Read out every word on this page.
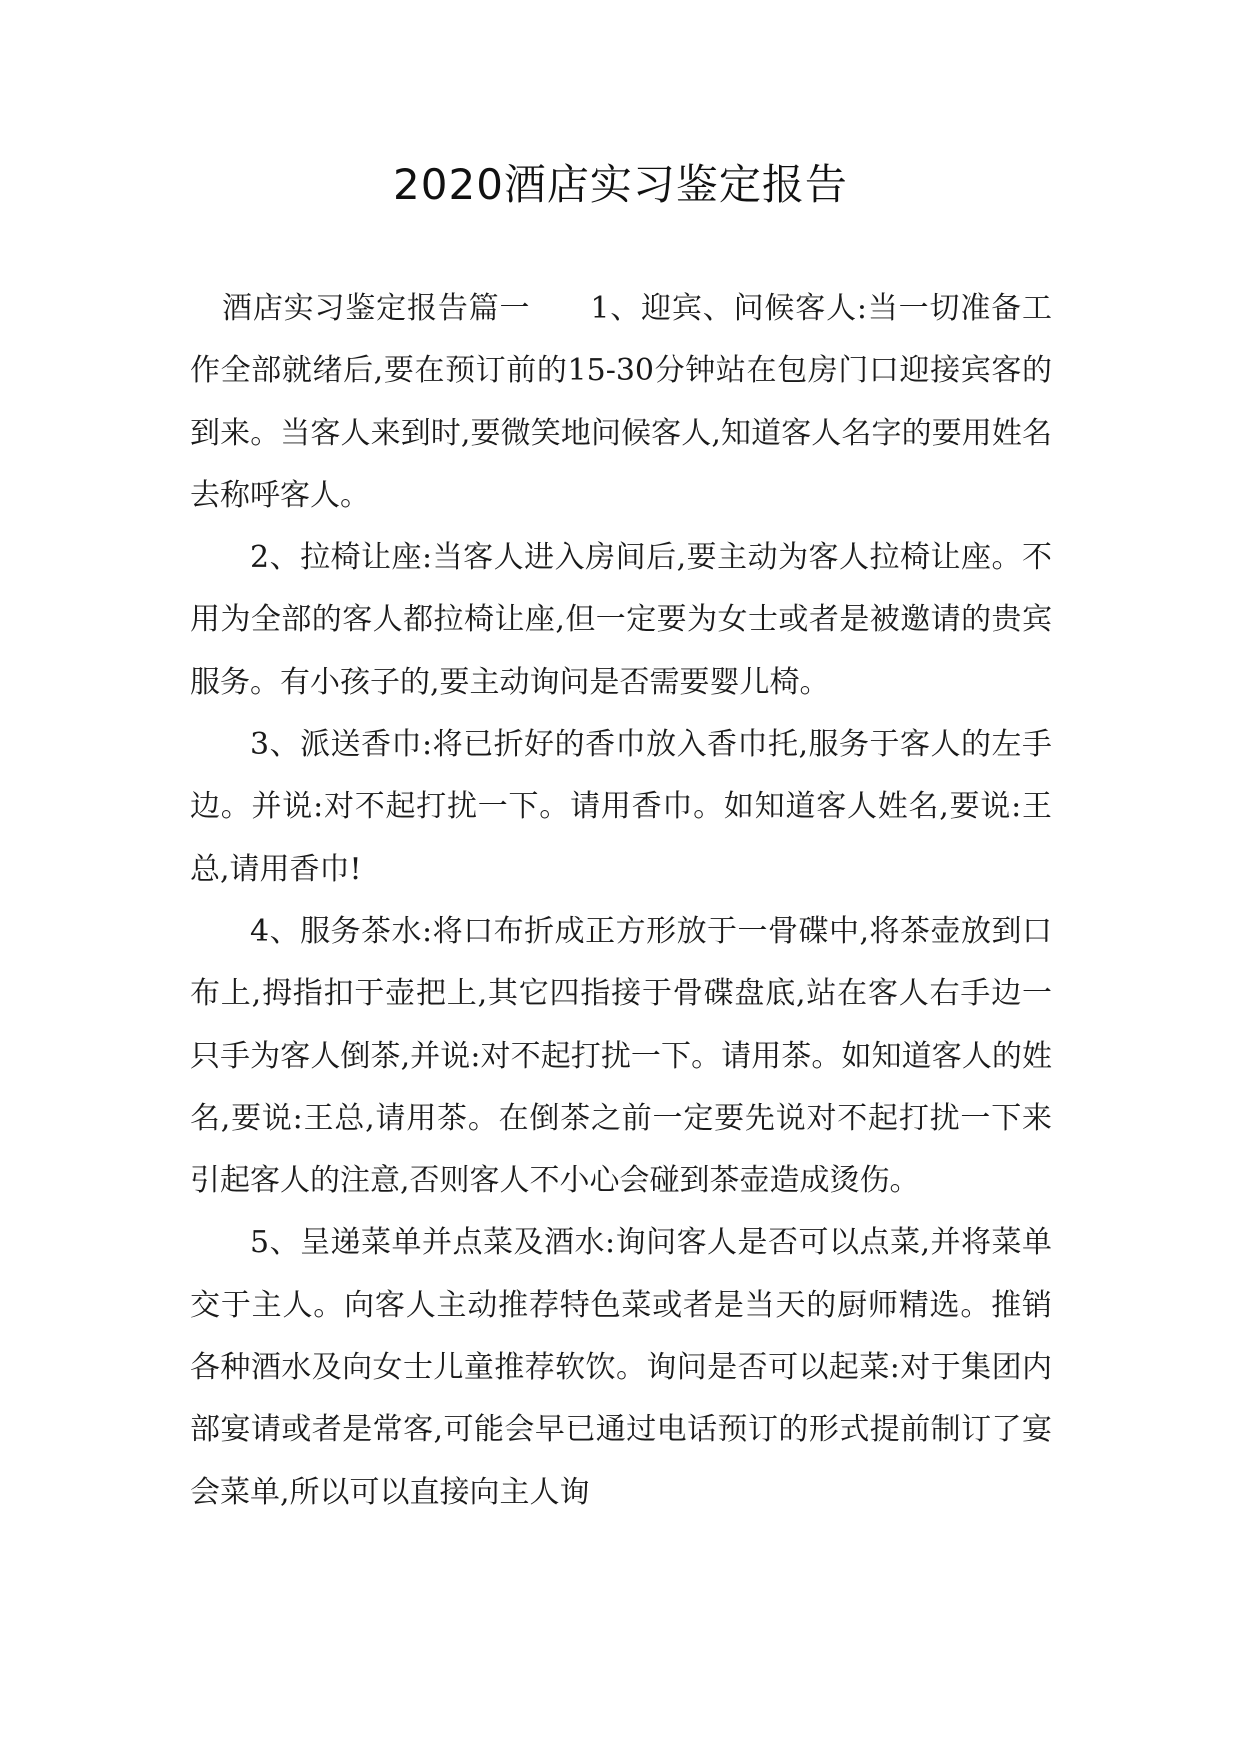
2020酒店实习鉴定报告

酒店实习鉴定报告篇一 1、迎宾、问候客人:当一切准备工作全部就绪后,要在预订前的15-30分钟站在包房门口迎接宾客的到来。当客人来到时,要微笑地问候客人,知道客人名字的要用姓名去称呼客人。

2、拉椅让座:当客人进入房间后,要主动为客人拉椅让座。不用为全部的客人都拉椅让座,但一定要为女士或者是被邀请的贵宾服务。有小孩子的,要主动询问是否需要婴儿椅。

3、派送香巾:将已折好的香巾放入香巾托,服务于客人的左手边。并说:对不起打扰一下。请用香巾。如知道客人姓名,要说:王总,请用香巾!

4、服务茶水:将口布折成正方形放于一骨碟中,将茶壶放到口布上,拇指扣于壶把上,其它四指接于骨碟盘底,站在客人右手边一只手为客人倒茶,并说:对不起打扰一下。请用茶。如知道客人的姓名,要说:王总,请用茶。在倒茶之前一定要先说对不起打扰一下来引起客人的注意,否则客人不小心会碰到茶壶造成烫伤。

5、呈递菜单并点菜及酒水:询问客人是否可以点菜,并将菜单交于主人。向客人主动推荐特色菜或者是当天的厨师精选。推销各种酒水及向女士儿童推荐软饮。询问是否可以起菜:对于集团内部宴请或者是常客,可能会早已通过电话预订的形式提前制订了宴会菜单,所以可以直接向主人询
